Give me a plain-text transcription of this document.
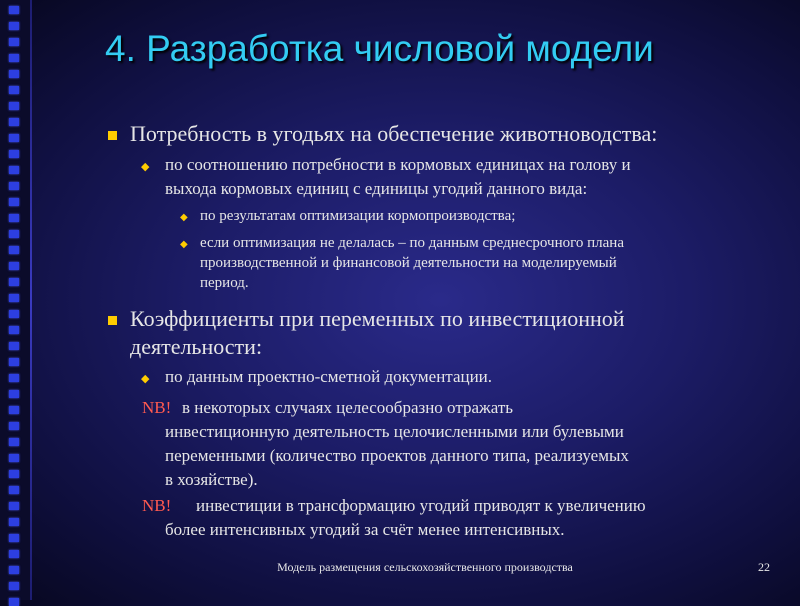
4. Разработка числовой модели
Потребность в угодьях на обеспечение животноводства:
◆ по соотношению потребности в кормовых единицах на голову и
выхода кормовых единиц с единицы угодий данного вида:
◆ по результатам оптимизации кормопроизводства;
◆ если оптимизация не делалась – по данным среднесрочного плана
производственной и финансовой деятельности на моделируемый
период.
Коэффициенты при переменных по инвестиционной
деятельности:
◆ по данным проектно-сметной документации.
NB! в некоторых случаях целесообразно отражать
инвестиционную деятельность целочисленными или булевыми
переменными (количество проектов данного типа, реализуемых
в хозяйстве).
NB! инвестиции в трансформацию угодий приводят к увеличению
более интенсивных угодий за счёт менее интенсивных.
Модель размещения сельскохозяйственного производства	22
